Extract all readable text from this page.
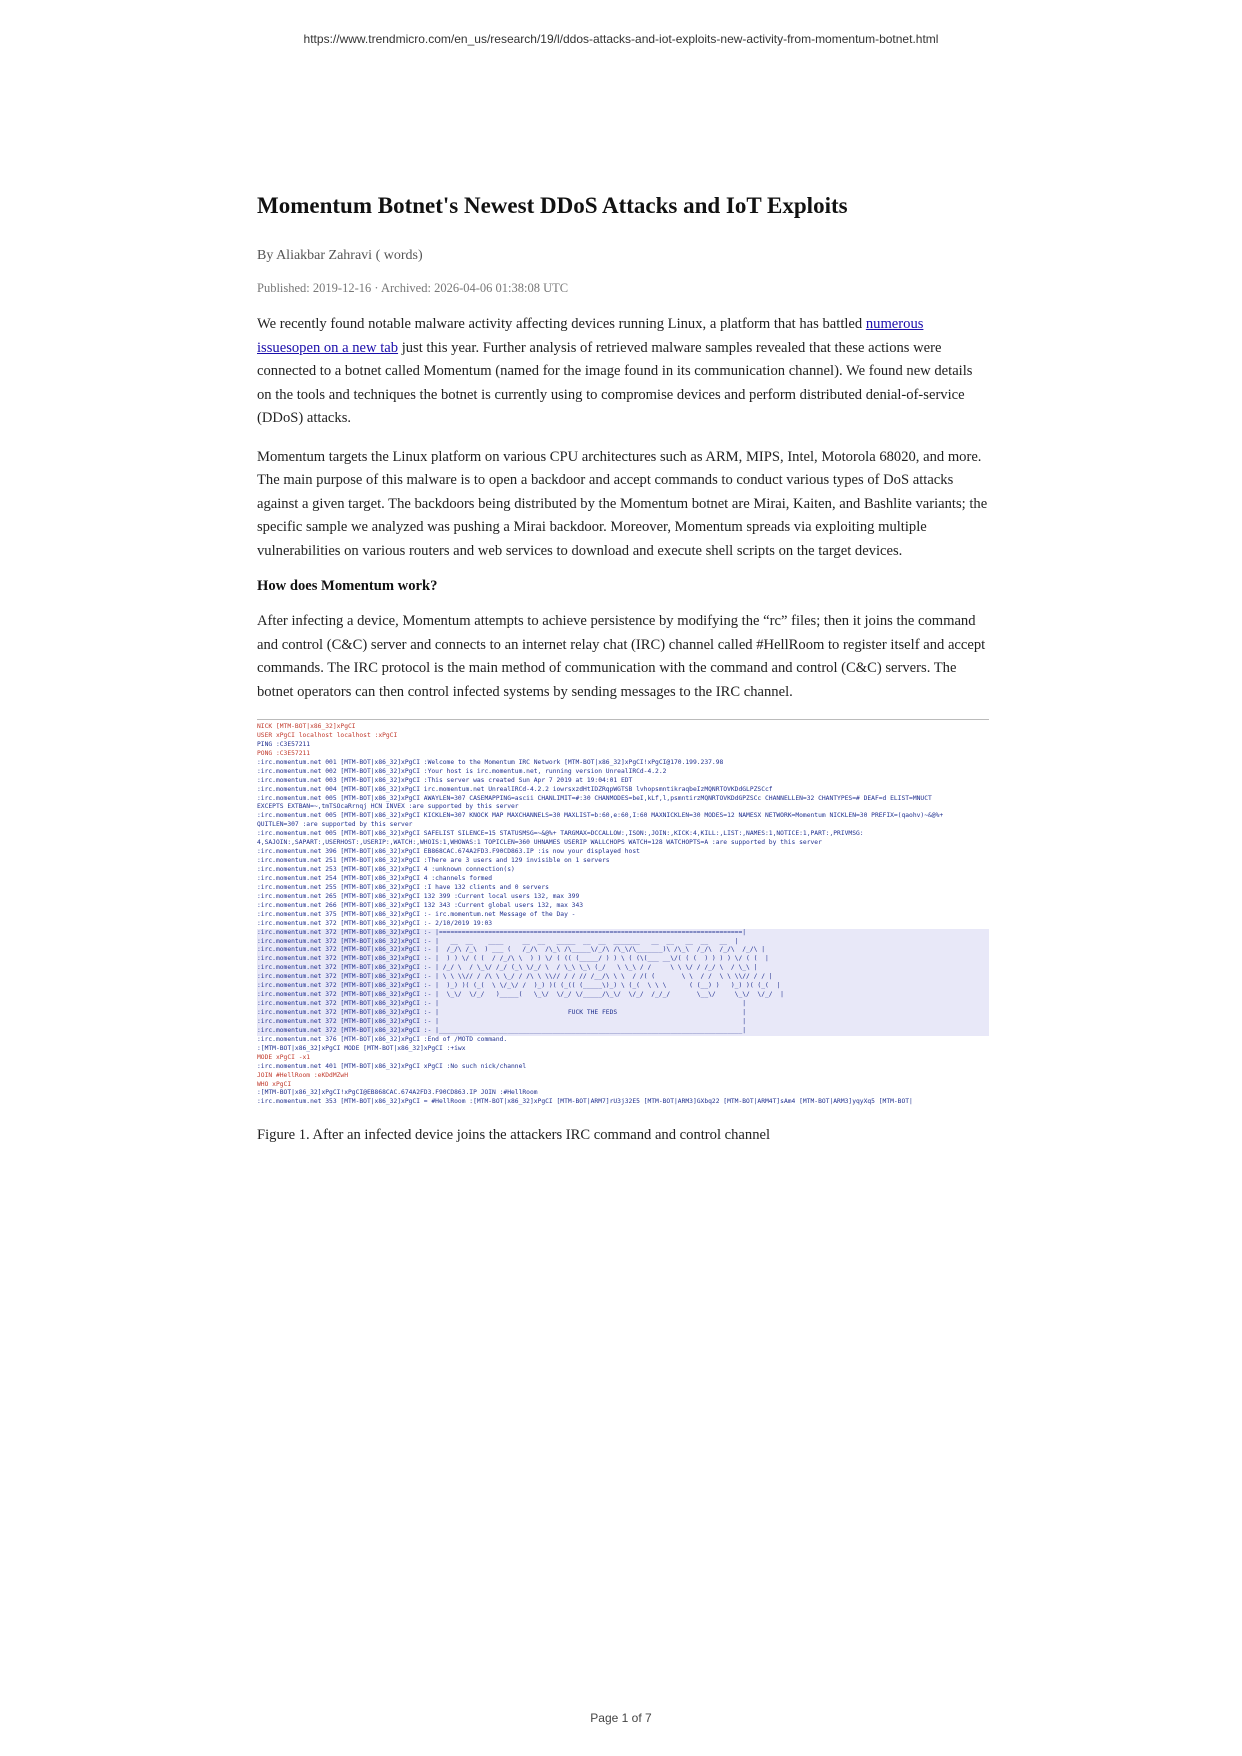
https://www.trendmicro.com/en_us/research/19/l/ddos-attacks-and-iot-exploits-new-activity-from-momentum-botnet.html
Momentum Botnet's Newest DDoS Attacks and IoT Exploits
By Aliakbar Zahravi ( words)
Published: 2019-12-16 · Archived: 2026-04-06 01:38:08 UTC

We recently found notable malware activity affecting devices running Linux, a platform that has battled numerous issuesopen on a new tab just this year. Further analysis of retrieved malware samples revealed that these actions were connected to a botnet called Momentum (named for the image found in its communication channel). We found new details on the tools and techniques the botnet is currently using to compromise devices and perform distributed denial-of-service (DDoS) attacks.

Momentum targets the Linux platform on various CPU architectures such as ARM, MIPS, Intel, Motorola 68020, and more. The main purpose of this malware is to open a backdoor and accept commands to conduct various types of DoS attacks against a given target. The backdoors being distributed by the Momentum botnet are Mirai, Kaiten, and Bashlite variants; the specific sample we analyzed was pushing a Mirai backdoor. Moreover, Momentum spreads via exploiting multiple vulnerabilities on various routers and web services to download and execute shell scripts on the target devices.

How does Momentum work?

After infecting a device, Momentum attempts to achieve persistence by modifying the “rc” files; then it joins the command and control (C&C) server and connects to an internet relay chat (IRC) channel called #HellRoom to register itself and accept commands. The IRC protocol is the main method of communication with the command and control (C&C) servers. The botnet operators can then control infected systems by sending messages to the IRC channel.

NICK [MTM-BOT|x86_32]xPgCI
USER xPgCI localhost localhost :xPgCI
PING :C3E57211
PONG :C3E57211
:irc.momentum.net 001 [MTM-BOT|x86_32]xPgCI :Welcome to the Momentum IRC Network [MTM-BOT|x86_32]xPgCI!xPgCI@170.199.237.98
:irc.momentum.net 002 [MTM-BOT|x86_32]xPgCI :Your host is irc.momentum.net, running version UnrealIRCd-4.2.2
:irc.momentum.net 003 [MTM-BOT|x86_32]xPgCI :This server was created Sun Apr 7 2019 at 19:04:01 EDT
:irc.momentum.net 004 [MTM-BOT|x86_32]xPgCI irc.momentum.net UnrealIRCd-4.2.2 iowrsxzdHtIDZRqpWGTSB lvhopsmntikraqbeIzMQNRTOVKDdGLPZSCcf
:irc.momentum.net 005 [MTM-BOT|x86_32]xPgCI AWAYLEN=307 CASEMAPPING=ascii CHANLIMIT=#:30 CHANMODES=beI,kLf,l,psmntirzMQNRTOVKDdGPZSCc CHANNELLEN=32 CHANTYPES=# DEAF=d ELIST=MNUCT
EXCEPTS EXTBAN=~,tmTSOcaRrnqj HCN INVEX :are supported by this server
:irc.momentum.net 005 [MTM-BOT|x86_32]xPgCI KICKLEN=307 KNOCK MAP MAXCHANNELS=30 MAXLIST=b:60,e:60,I:60 MAXNICKLEN=30 MODES=12 NAMESX NETWORK=Momentum NICKLEN=30 PREFIX=(qaohv)~&@%+
QUITLEN=307 :are supported by this server
:irc.momentum.net 005 [MTM-BOT|x86_32]xPgCI SAFELIST SILENCE=15 STATUSMSG=~&@%+ TARGMAX=DCCALLOW:,ISON:,JOIN:,KICK:4,KILL:,LIST:,NAMES:1,NOTICE:1,PART:,PRIVMSG:
4,SAJOIN:,SAPART:,USERHOST:,USERIP:,WATCH:,WHOIS:1,WHOWAS:1 TOPICLEN=360 UHNAMES USERIP WALLCHOPS WATCH=128 WATCHOPTS=A :are supported by this server
:irc.momentum.net 396 [MTM-BOT|x86_32]xPgCI EB868CAC.674A2FD3.F90CD863.IP :is now your displayed host
:irc.momentum.net 251 [MTM-BOT|x86_32]xPgCI :There are 3 users and 129 invisible on 1 servers
:irc.momentum.net 253 [MTM-BOT|x86_32]xPgCI 4 :unknown connection(s)
:irc.momentum.net 254 [MTM-BOT|x86_32]xPgCI 4 :channels formed
:irc.momentum.net 255 [MTM-BOT|x86_32]xPgCI :I have 132 clients and 0 servers
:irc.momentum.net 265 [MTM-BOT|x86_32]xPgCI 132 399 :Current local users 132, max 399
:irc.momentum.net 266 [MTM-BOT|x86_32]xPgCI 132 343 :Current global users 132, max 343
:irc.momentum.net 375 [MTM-BOT|x86_32]xPgCI :- irc.momentum.net Message of the Day -
:irc.momentum.net 372 [MTM-BOT|x86_32]xPgCI :- 2/10/2019 19:03
:irc.momentum.net 372 [MTM-BOT|x86_32]xPgCI :- |================================================================================|
:irc.momentum.net 372 [MTM-BOT|x86_32]xPgCI :- |   __  __    ____     __  __   _____  __  __  _______   __  __   __  __   __  |
:irc.momentum.net 372 [MTM-BOT|x86_32]xPgCI :- |  /_/\ /_\  ) ___ (   /_/\  /\_\ /\_____\/_/\ /\_\/\_______)\ /\_\  /_/\  /_/\  /_/\ |
:irc.momentum.net 372 [MTM-BOT|x86_32]xPgCI :- |  ) ) \/ ( (  / /_/\ \  ) ) \/ ( (( (_____/ ) ) \ ( (\(___ __\/( ( (  ) ) ) ) \/ ( (  |
:irc.momentum.net 372 [MTM-BOT|x86_32]xPgCI :- | /_/ \  / \_\/ /_/ (_\ \/_/ \  / \_\ \_\ (_/   \ \_\ / /     \ \ \/ / /_/ \  / \_\ |
:irc.momentum.net 372 [MTM-BOT|x86_32]xPgCI :- | \ \ \\// / /\ \ \_/ / /\ \ \\// / / // /__/\ \ \  / /( (       \ \  / /  \ \ \\// / / |
:irc.momentum.net 372 [MTM-BOT|x86_32]xPgCI :- |  )_) )( (_(  \ \/_\/ /  )_) )( (_(( (_____\)_) \ (_(  \ \ \      ( (__) )   )_) )( (_(  |
:irc.momentum.net 372 [MTM-BOT|x86_32]xPgCI :- |  \_\/  \/_/   )_____(   \_\/  \/_/ \/_____/\_\/  \/_/  /_/_/       \__\/     \_\/  \/_/  |
:irc.momentum.net 372 [MTM-BOT|x86_32]xPgCI :- |                                                                                |
:irc.momentum.net 372 [MTM-BOT|x86_32]xPgCI :- |                                  FUCK THE FEDS                                 |
:irc.momentum.net 372 [MTM-BOT|x86_32]xPgCI :- |                                                                                |
:irc.momentum.net 372 [MTM-BOT|x86_32]xPgCI :- |________________________________________________________________________________|
:irc.momentum.net 376 [MTM-BOT|x86_32]xPgCI :End of /MOTD command.
:[MTM-BOT|x86_32]xPgCI MODE [MTM-BOT|x86_32]xPgCI :+iwx
MODE xPgCI -x1
:irc.momentum.net 401 [MTM-BOT|x86_32]xPgCI xPgCI :No such nick/channel
JOIN #HellRoom :eKDdMZwH
WHO xPgCI
:[MTM-BOT|x86_32]xPgCI!xPgCI@EB868CAC.674A2FD3.F90CD863.IP JOIN :#HellRoom
:irc.momentum.net 353 [MTM-BOT|x86_32]xPgCI = #HellRoom :[MTM-BOT|x86_32]xPgCI [MTM-BOT|ARM7]rU3j32E5 [MTM-BOT|ARM3]GXbq22 [MTM-BOT|ARM4T]sAm4 [MTM-BOT|ARM3]yqyXq5 [MTM-BOT|
Figure 1. After an infected device joins the attackers IRC command and control channel
Page 1 of 7
